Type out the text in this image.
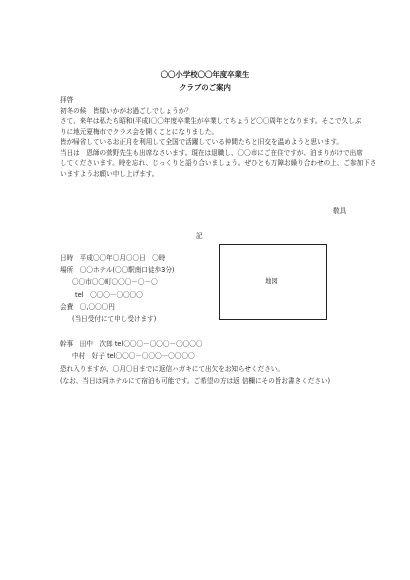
〇〇小学校〇〇年度卒業生
クラブのご案内

拝啓

初冬の候　皆様いかがお過ごしでしょうか？

さて、来年は私たち昭和(平成)〇〇年度卒業生が卒業してちょうど〇〇周年となります。そこで久しぶ

りに地元夏梅市でクラス会を開くことになりました。

皆が帰省しているお正月を利用して全国で活躍している仲間たちと旧交を温めようと思います。

当日は　恩師の菅野先生も出席なさいます。現在は退職し、〇〇市にご在住ですが、泊まりがけで出席

してくださいます。時を忘れ、じっくりと語り合いましょう。ぜひとも万障お繰り合わせの上、ご参加下さ

いますようお願い申し上げます。

敬具
記
日時　平成〇〇年〇月〇〇日　〇時
場所　〇〇ホテル(〇〇駅南口徒歩3分)
〇〇市〇〇町〇〇〇－〇－〇
tel　〇〇〇－〇〇〇〇
会費　〇,〇〇〇円
(当日受付にて申し受けます)
地図
幹事　田中　次郎 tel〇〇〇－〇〇〇－〇〇〇〇
中村　好子 tel〇〇〇－〇〇〇－〇〇〇〇
恐れ入りますが、〇月〇日までに返信ハガキにて出欠をお知らせください。
(なお、当日は同ホテルにて宿泊も可能です。ご希望の方は返 信欄にその旨お書きください)
